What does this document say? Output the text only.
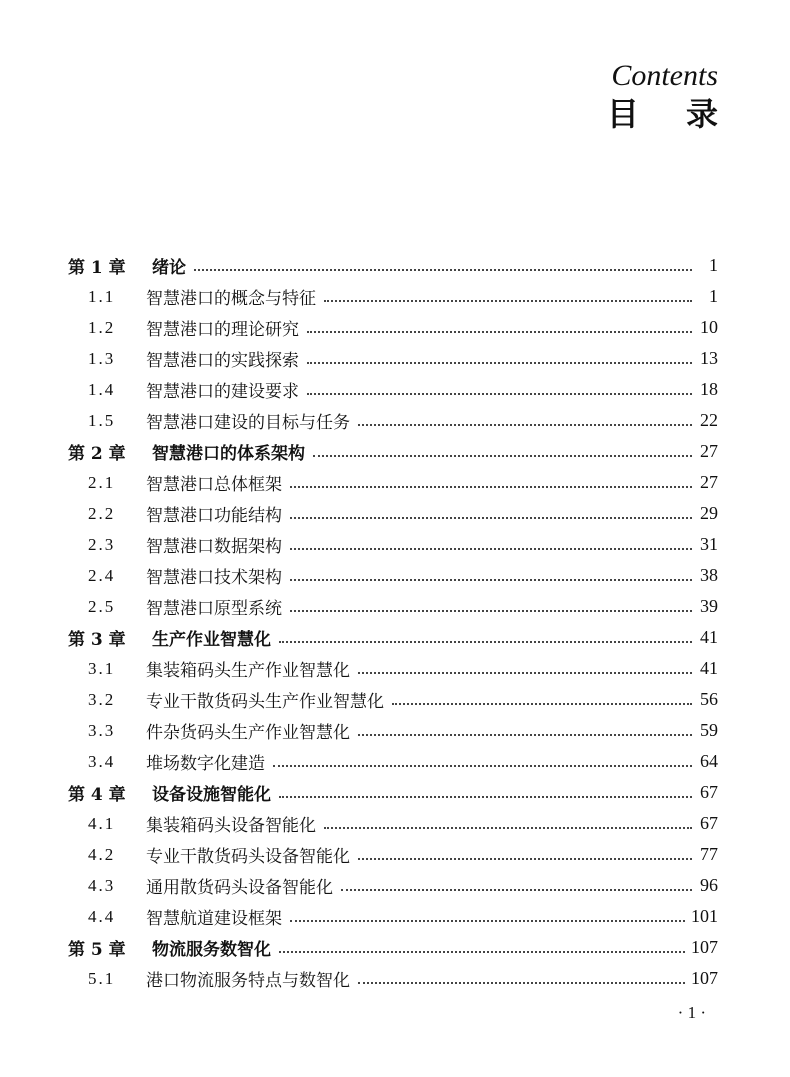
Contents
目 录
第 1 章	绪论	1
1.1	智慧港口的概念与特征	1
1.2	智慧港口的理论研究	10
1.3	智慧港口的实践探索	13
1.4	智慧港口的建设要求	18
1.5	智慧港口建设的目标与任务	22
第 2 章	智慧港口的体系架构	27
2.1	智慧港口总体框架	27
2.2	智慧港口功能结构	29
2.3	智慧港口数据架构	31
2.4	智慧港口技术架构	38
2.5	智慧港口原型系统	39
第 3 章	生产作业智慧化	41
3.1	集装箱码头生产作业智慧化	41
3.2	专业干散货码头生产作业智慧化	56
3.3	件杂货码头生产作业智慧化	59
3.4	堆场数字化建造	64
第 4 章	设备设施智能化	67
4.1	集装箱码头设备智能化	67
4.2	专业干散货码头设备智能化	77
4.3	通用散货码头设备智能化	96
4.4	智慧航道建设框架	101
第 5 章	物流服务数智化	107
5.1	港口物流服务特点与数智化	107
· 1 ·
